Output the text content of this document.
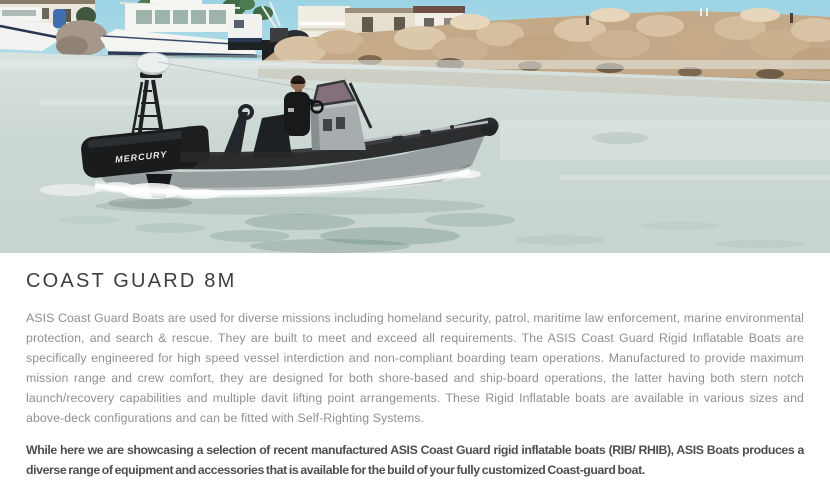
MERCURY
COAST GUARD 8M

ASIS Coast Guard Boats are used for diverse missions including homeland security, patrol, maritime law enforcement, marine environmental protection, and search & rescue. They are built to meet and exceed all requirements. The ASIS Coast Guard Rigid Inflatable Boats are specifically engineered for high speed vessel interdiction and non-compliant boarding team operations. Manufactured to provide maximum mission range and crew comfort, they are designed for both shore-based and ship-board operations, the latter having both stern notch launch/recovery capabilities and multiple davit lifting point arrangements. These Rigid Inflatable boats are available in various sizes and above-deck configurations and can be fitted with Self-Righting Systems.

While here we are showcasing a selection of recent manufactured ASIS Coast Guard rigid inflatable boats (RIB/ RHIB), ASIS Boats produces a diverse range of equipment and accessories that is available for the build of your fully customized Coast-guard boat.
